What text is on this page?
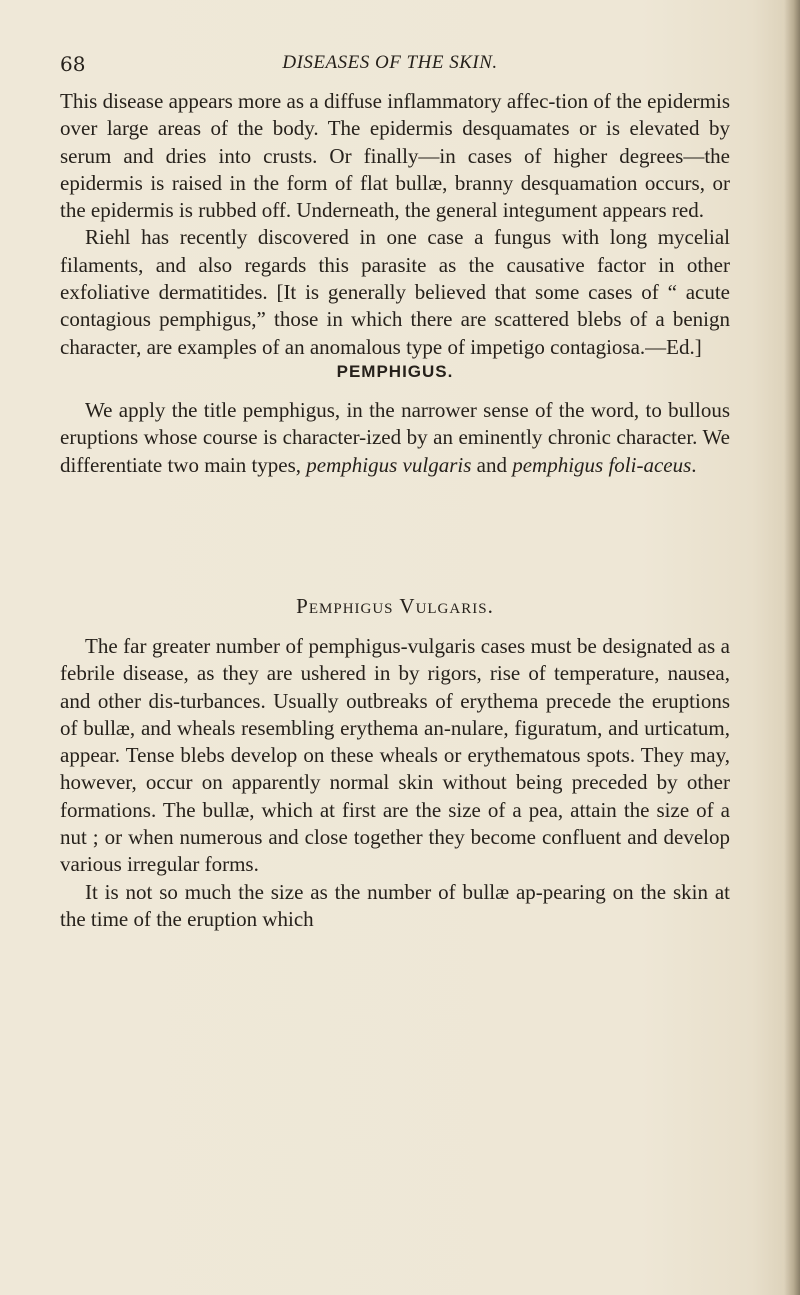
68	DISEASES OF THE SKIN.

This disease appears more as a diffuse inflammatory affec-tion of the epidermis over large areas of the body. The epidermis desquamates or is elevated by serum and dries into crusts. Or finally—in cases of higher degrees—the epidermis is raised in the form of flat bullæ, branny desquamation occurs, or the epidermis is rubbed off. Underneath, the general integument appears red.

Riehl has recently discovered in one case a fungus with long mycelial filaments, and also regards this parasite as the causative factor in other exfoliative dermatitides. [It is generally believed that some cases of “ acute contagious pemphigus,” those in which there are scattered blebs of a benign character, are examples of an anomalous type of impetigo contagiosa.—Ed.]

PEMPHIGUS.

We apply the title pemphigus, in the narrower sense of the word, to bullous eruptions whose course is character-ized by an eminently chronic character. We differentiate two main types, pemphigus vulgaris and pemphigus foli-aceus.

Pemphigus Vulgaris.

The far greater number of pemphigus-vulgaris cases must be designated as a febrile disease, as they are ushered in by rigors, rise of temperature, nausea, and other dis-turbances. Usually outbreaks of erythema precede the eruptions of bullæ, and wheals resembling erythema an-nulare, figuratum, and urticatum, appear. Tense blebs develop on these wheals or erythematous spots. They may, however, occur on apparently normal skin without being preceded by other formations. The bullæ, which at first are the size of a pea, attain the size of a nut ; or when numerous and close together they become confluent and develop various irregular forms.

It is not so much the size as the number of bullæ ap-pearing on the skin at the time of the eruption which
